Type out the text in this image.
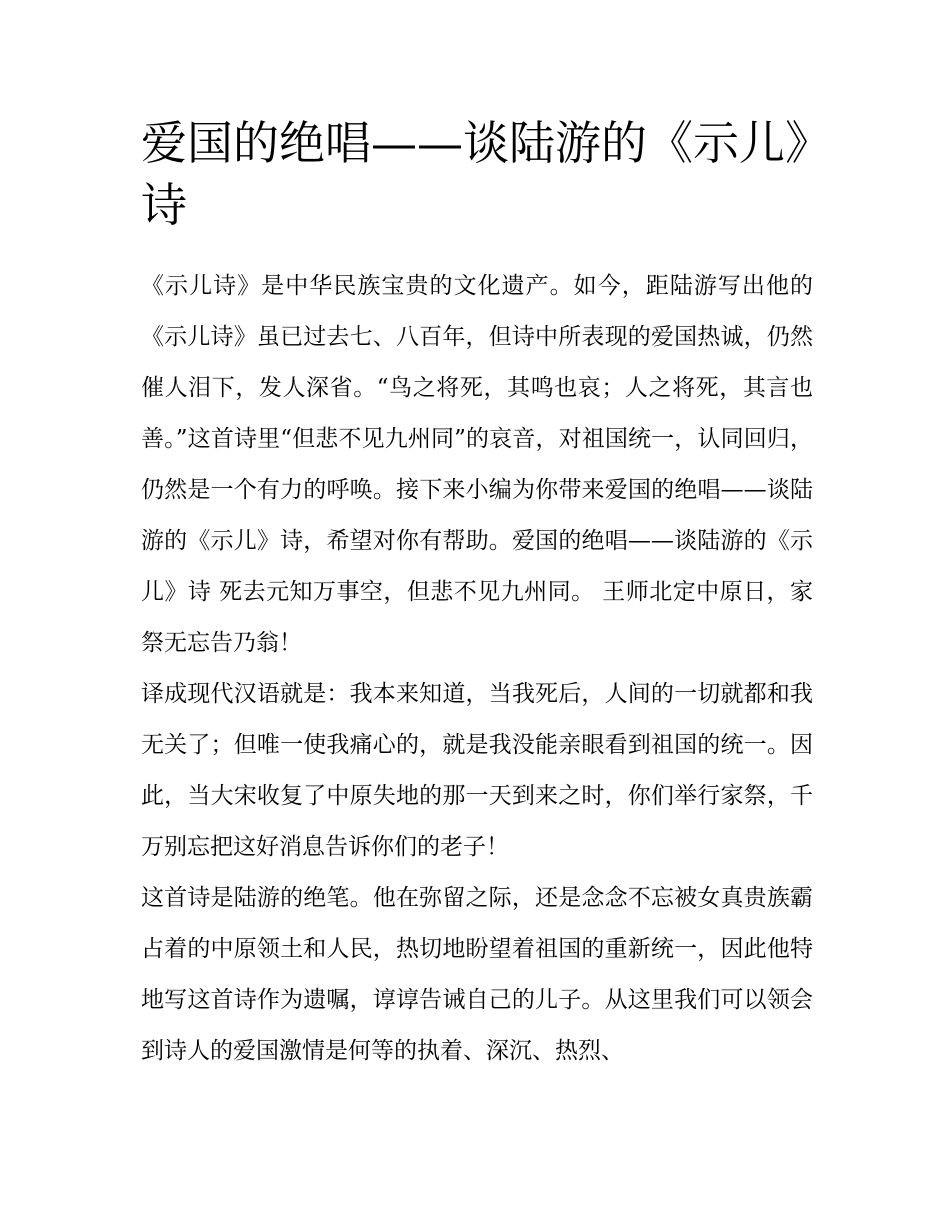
爱国的绝唱——谈陆游的《示儿》诗

《示儿诗》是中华民族宝贵的文化遗产。如今，距陆游写出他的《示儿诗》虽已过去七、八百年，但诗中所表现的爱国热诚，仍然催人泪下，发人深省。“鸟之将死，其鸣也哀；人之将死，其言也善。”这首诗里“但悲不见九州同”的哀音，对祖国统一，认同回归，仍然是一个有力的呼唤。接下来小编为你带来爱国的绝唱——谈陆游的《示儿》诗，希望对你有帮助。爱国的绝唱——谈陆游的《示儿》诗 死去元知万事空，但悲不见九州同。 王师北定中原日，家祭无忘告乃翁！

译成现代汉语就是：我本来知道，当我死后，人间的一切就都和我无关了；但唯一使我痛心的，就是我没能亲眼看到祖国的统一。因此，当大宋收复了中原失地的那一天到来之时，你们举行家祭，千万别忘把这好消息告诉你们的老子！

这首诗是陆游的绝笔。他在弥留之际，还是念念不忘被女真贵族霸占着的中原领土和人民，热切地盼望着祖国的重新统一，因此他特地写这首诗作为遗嘱，谆谆告诫自己的儿子。从这里我们可以领会到诗人的爱国激情是何等的执着、深沉、热烈、
